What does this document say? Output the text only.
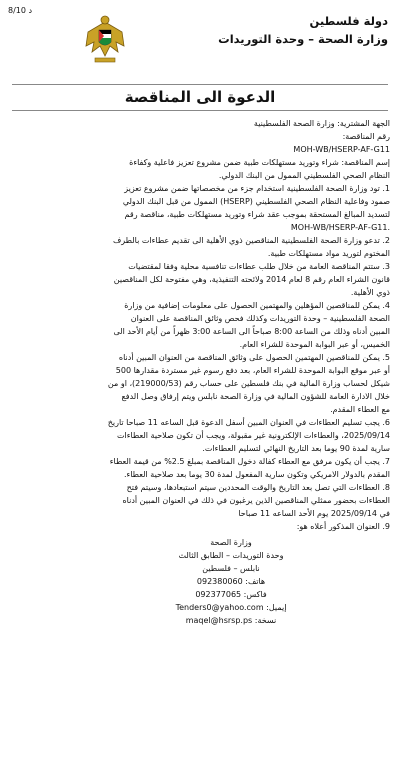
8/10 د
دولة فلسطين
وزارة الصحة – وحدة التوريدات
الدعوة الى المناقصة
الجهة المشترية: وزارة الصحة الفلسطينية
رقم المناقصة:
MOH-WB/HSERP-AF-G11
إسم المناقصة: شراء وتوريد مستهلكات طبية ضمن مشروع تعزيز فاعلية وكفاءة
النظام الصحي الفلسطيني الممول من البنك الدولي.
1. تود وزارة الصحة الفلسطينية استخدام جزء من مخصصاتها ضمن مشروع تعزيز
صمود وفاعلية النظام الصحي الفلسطيني (HSERP) الممول من قبل البنك الدولي
لتسديد المبالغ المستحقة بموجب عقد شراء وتوريد مستهلكات طبية، مناقصة رقم
MOH-WB/HSERP-AF-G11.
2. تدعو وزارة الصحة الفلسطينية المناقصين ذوي الأهلية الى تقديم عطاءات بالطرف
المختوم لتوريد مواد مستهلكات طبية.
3. ستتم المناقصة العامة من خلال طلب عطاءات تنافسية محلية وفقا لمقتضيات
قانون الشراء العام رقم 8 لعام 2014 ولائحته التنفيذية، وهي مفتوحة لكل المناقصين
ذوي الأهلية.
4. يمكن للمناقصين المؤهلين والمهتمين الحصول على معلومات إضافية من وزارة
الصحة الفلسطينية – وحدة التوريدات وكذلك فحص وثائق المناقصة على العنوان
المبين أدناه وذلك من الساعة 8:00 صباحاً الى الساعة 3:00 ظهراً من أيام الأحد الى
الخميس، أو عبر البوابة الموحدة للشراء العام.
5. يمكن للمناقصين المهتمين الحصول على وثائق المناقصة من العنوان المبين أدناه
أو عبر موقع البوابة الموحدة للشراء العام، بعد دفع رسوم غير مستردة مقدارها 500
شيكل لحساب وزارة المالية في بنك فلسطين على حساب رقم (219000/53)، او من
خلال الادارة العامة للشؤون المالية في وزارة الصحة نابلس ويتم إرفاق وصل الدفع
مع العطاء المقدم.
6. يجب تسليم العطاءات في العنوان المبين أسفل الدعوة قبل الساعه 11 صباحا تاريخ
2025/09/14، والعطاءات الإلكترونية غير مقبولة، ويجب أن تكون صلاحية العطاءات
سارية لمدة 90 يوما بعد التاريخ النهائي لتسليم العطاءات.
7. يجب أن يكون مرفق مع العطاء كفالة دخول المناقصة بمبلغ 2.5% من قيمة العطاء
المقدم بالدولار الامريكي وتكون سارية المفعول لمدة 30 يوما بعد صلاحية العطاء.
8. العطاءات التي تصل بعد التاريخ والوقت المحددين سيتم استبعادها، وسيتم فتح
العطاءات بحضور ممثلي المناقصين الذين يرغبون في ذلك في العنوان المبين أدناه
في 2025/09/14 يوم الأحد الساعه 11 صباحا
9. العنوان المذكور أعلاه هو:
وزارة الصحة
وحدة التوريدات – الطابق الثالث
نابلس – فلسطين
هاتف: 092380060
فاكس: 092377065
إيميل: Tenders0@yahoo.com
نسخة: maqel@hsrsp.ps
